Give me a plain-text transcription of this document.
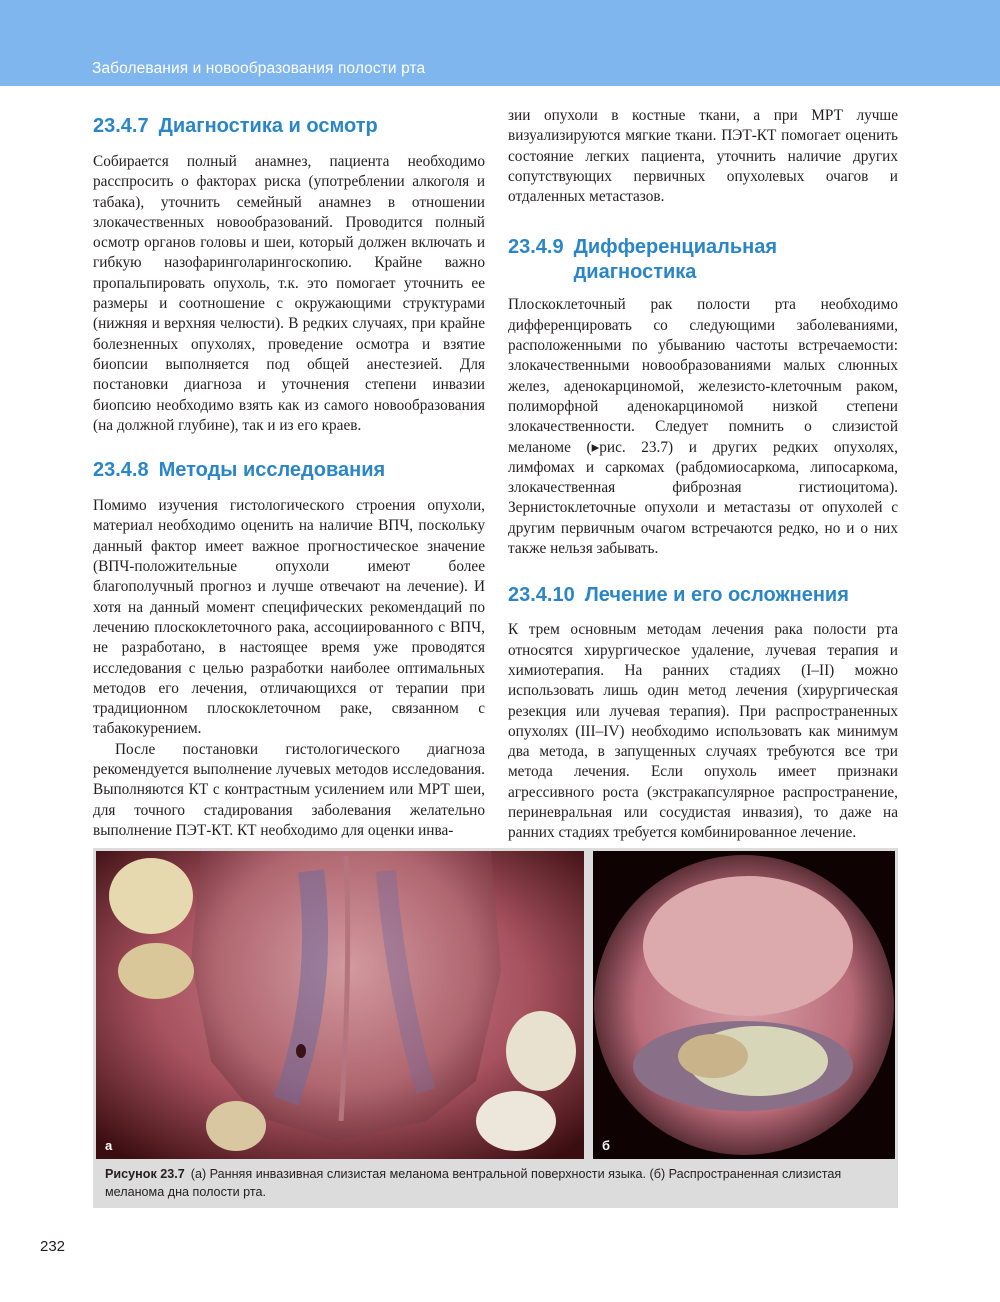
Заболевания и новообразования полости рта
23.4.7 Диагностика и осмотр

Собирается полный анамнез, пациента необходимо расспросить о факторах риска (употреблении алкоголя и табака), уточнить семейный анамнез в отношении злокачественных новообразований. Проводится полный осмотр органов головы и шеи, который должен включать и гибкую назофаринголарингоскопию. Крайне важно пропальпировать опухоль, т.к. это помогает уточнить ее размеры и соотношение с окружающими структурами (нижняя и верхняя челюсти). В редких случаях, при крайне болезненных опухолях, проведение осмотра и взятие биопсии выполняется под общей анестезией. Для постановки диагноза и уточнения степени инвазии биопсию необходимо взять как из самого новообразования (на должной глубине), так и из его краев.

23.4.8 Методы исследования

Помимо изучения гистологического строения опухоли, материал необходимо оценить на наличие ВПЧ, поскольку данный фактор имеет важное прогностическое значение (ВПЧ-положительные опухоли имеют более благополучный прогноз и лучше отвечают на лечение). И хотя на данный момент специфических рекомендаций по лечению плоскоклеточного рака, ассоциированного с ВПЧ, не разработано, в настоящее время уже проводятся исследования с целью разработки наиболее оптимальных методов его лечения, отличающихся от терапии при традиционном плоскоклеточном раке, связанном с табакокурением.

После постановки гистологического диагноза рекомендуется выполнение лучевых методов исследования. Выполняются КТ с контрастным усилением или МРТ шеи, для точного стадирования заболевания желательно выполнение ПЭТ-КТ. КТ необходимо для оценки инва-

зии опухоли в костные ткани, а при МРТ лучше визуализируются мягкие ткани. ПЭТ-КТ помогает оценить состояние легких пациента, уточнить наличие других сопутствующих первичных опухолевых очагов и отдаленных метастазов.

23.4.9 Дифференциальная диагностика

Плоскоклеточный рак полости рта необходимо дифференцировать со следующими заболеваниями, расположенными по убыванию частоты встречаемости: злокачественными новообразованиями малых слюнных желез, аденокарциномой, железисто-клеточным раком, полиморфной аденокарциномой низкой степени злокачественности. Следует помнить о слизистой меланоме (▸рис. 23.7) и других редких опухолях, лимфомах и саркомах (рабдомиосаркома, липосаркома, злокачественная фиброзная гистиоцитома). Зернистоклеточные опухоли и метастазы от опухолей с другим первичным очагом встречаются редко, но и о них также нельзя забывать.

23.4.10 Лечение и его осложнения

К трем основным методам лечения рака полости рта относятся хирургическое удаление, лучевая терапия и химиотерапия. На ранних стадиях (I–II) можно использовать лишь один метод лечения (хирургическая резекция или лучевая терапия). При распространенных опухолях (III–IV) необходимо использовать как минимум два метода, в запущенных случаях требуются все три метода лечения. Если опухоль имеет признаки агрессивного роста (экстракапсулярное распространение, периневральная или сосудистая инвазия), то даже на ранних стадиях требуется комбинированное лечение.

а	б
Рисунок 23.7 (а) Ранняя инвазивная слизистая меланома вентральной поверхности языка. (б) Распространенная слизистая меланома дна полости рта.
232
